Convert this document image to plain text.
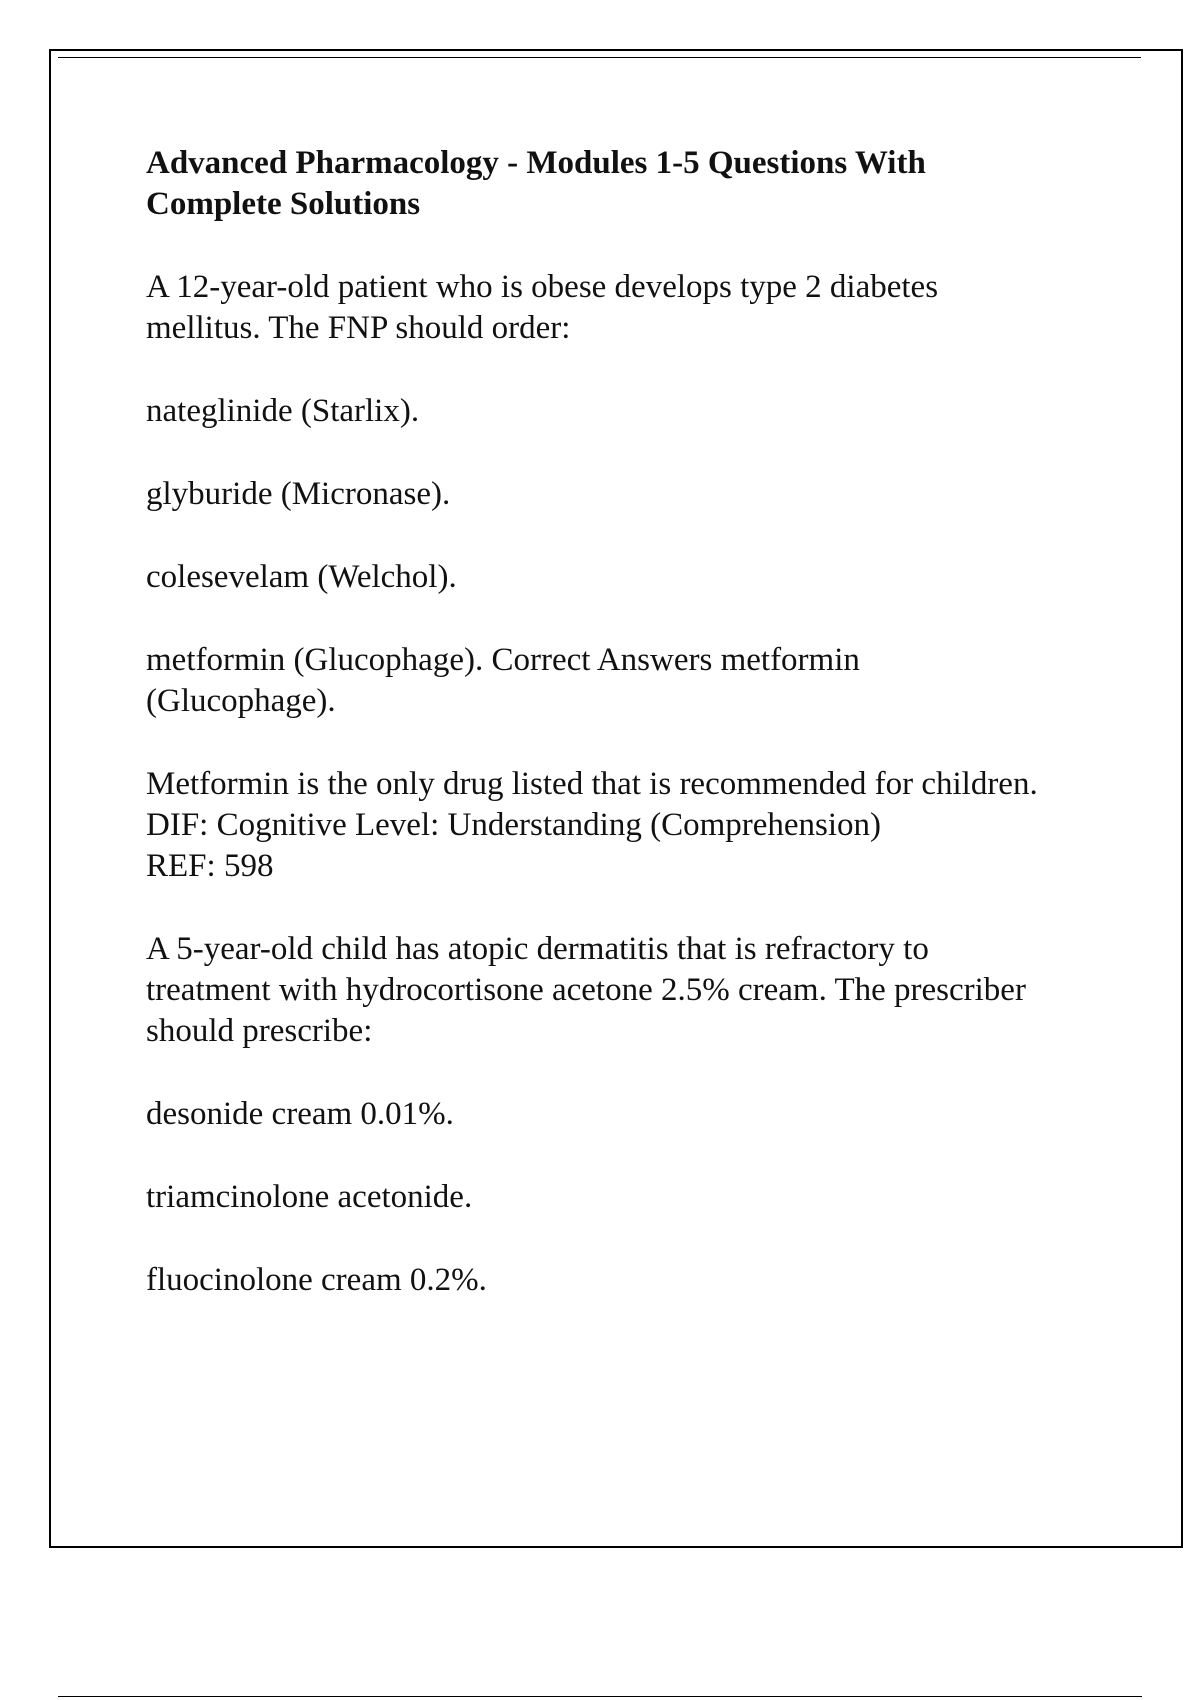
Advanced Pharmacology - Modules 1-5 Questions With Complete Solutions
A 12-year-old patient who is obese develops type 2 diabetes mellitus. The FNP should order:
nateglinide (Starlix).
glyburide (Micronase).
colesevelam (Welchol).
metformin (Glucophage). Correct Answers metformin (Glucophage).
Metformin is the only drug listed that is recommended for children.
DIF: Cognitive Level: Understanding (Comprehension)
REF: 598
A 5-year-old child has atopic dermatitis that is refractory to treatment with hydrocortisone acetone 2.5% cream. The prescriber should prescribe:
desonide cream 0.01%.
triamcinolone acetonide.
fluocinolone cream 0.2%.
